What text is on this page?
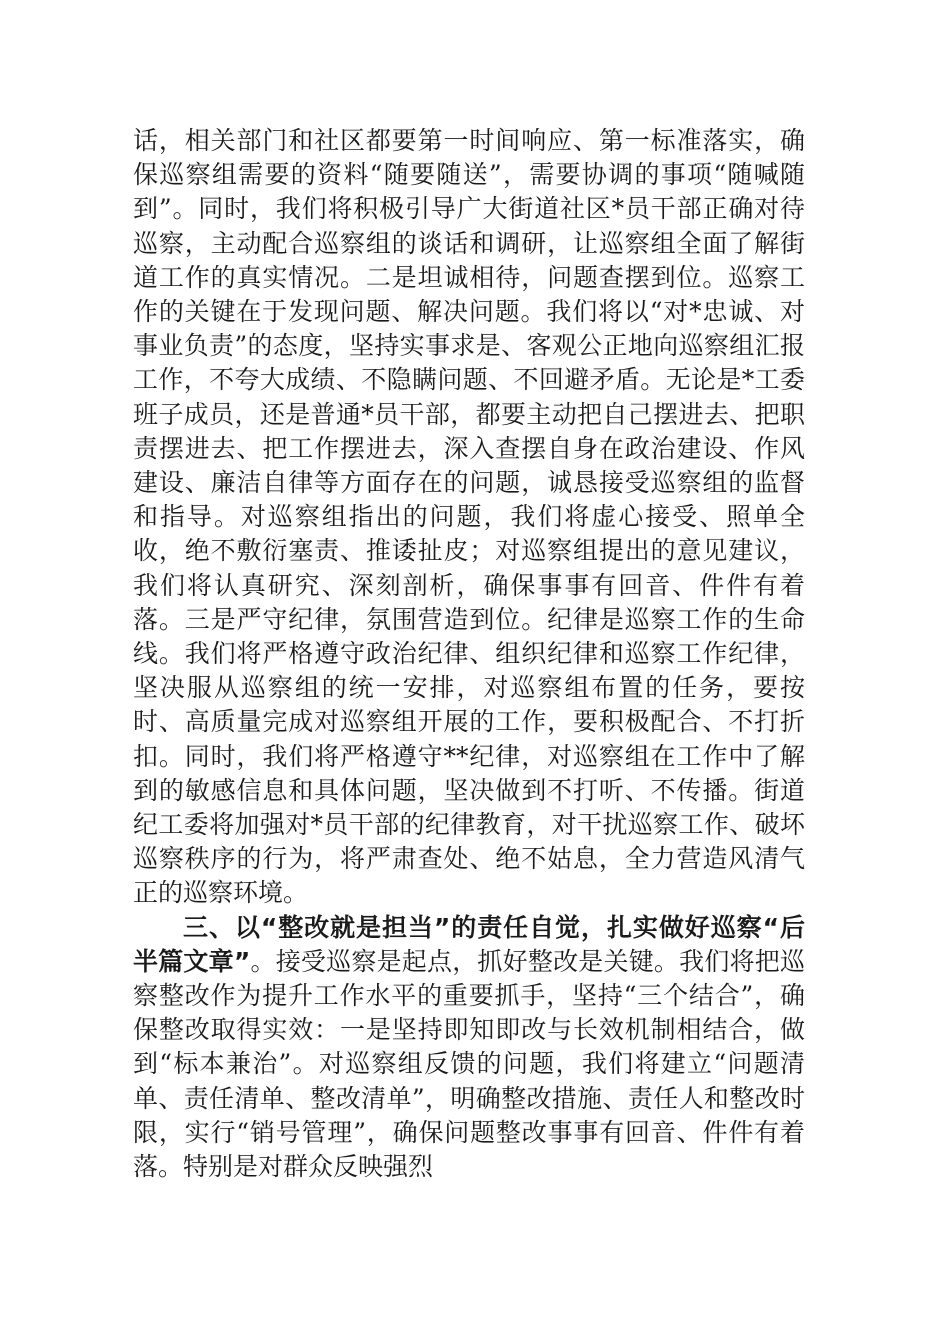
话，相关部门和社区都要第一时间响应、第一标准落实，确保巡察组需要的资料“随要随送”，需要协调的事项“随喊随到”。同时，我们将积极引导广大街道社区*员干部正确对待巡察，主动配合巡察组的谈话和调研，让巡察组全面了解街道工作的真实情况。二是坦诚相待，问题查摆到位。巡察工作的关键在于发现问题、解决问题。我们将以“对*忠诚、对事业负责”的态度，坚持实事求是、客观公正地向巡察组汇报工作，不夸大成绩、不隐瞒问题、不回避矛盾。无论是*工委班子成员，还是普通*员干部，都要主动把自己摆进去、把职责摆进去、把工作摆进去，深入查摆自身在政治建设、作风建设、廉洁自律等方面存在的问题，诚恳接受巡察组的监督和指导。对巡察组指出的问题，我们将虚心接受、照单全收，绝不敷衍塞责、推诿扯皮；对巡察组提出的意见建议，我们将认真研究、深刻剖析，确保事事有回音、件件有着落。三是严守纪律，氛围营造到位。纪律是巡察工作的生命线。我们将严格遵守政治纪律、组织纪律和巡察工作纪律，坚决服从巡察组的统一安排，对巡察组布置的任务，要按时、高质量完成对巡察组开展的工作，要积极配合、不打折扣。同时，我们将严格遵守**纪律，对巡察组在工作中了解到的敏感信息和具体问题，坚决做到不打听、不传播。街道纪工委将加强对*员干部的纪律教育，对干扰巡察工作、破坏巡察秩序的行为，将严肃查处、绝不姑息，全力营造风清气正的巡察环境。

三、以“整改就是担当”的责任自觉，扎实做好巡察“后半篇文章”。接受巡察是起点，抓好整改是关键。我们将把巡察整改作为提升工作水平的重要抓手，坚持“三个结合”，确保整改取得实效：一是坚持即知即改与长效机制相结合，做到“标本兼治”。对巡察组反馈的问题，我们将建立“问题清单、责任清单、整改清单”，明确整改措施、责任人和整改时限，实行“销号管理”，确保问题整改事事有回音、件件有着落。特别是对群众反映强烈
